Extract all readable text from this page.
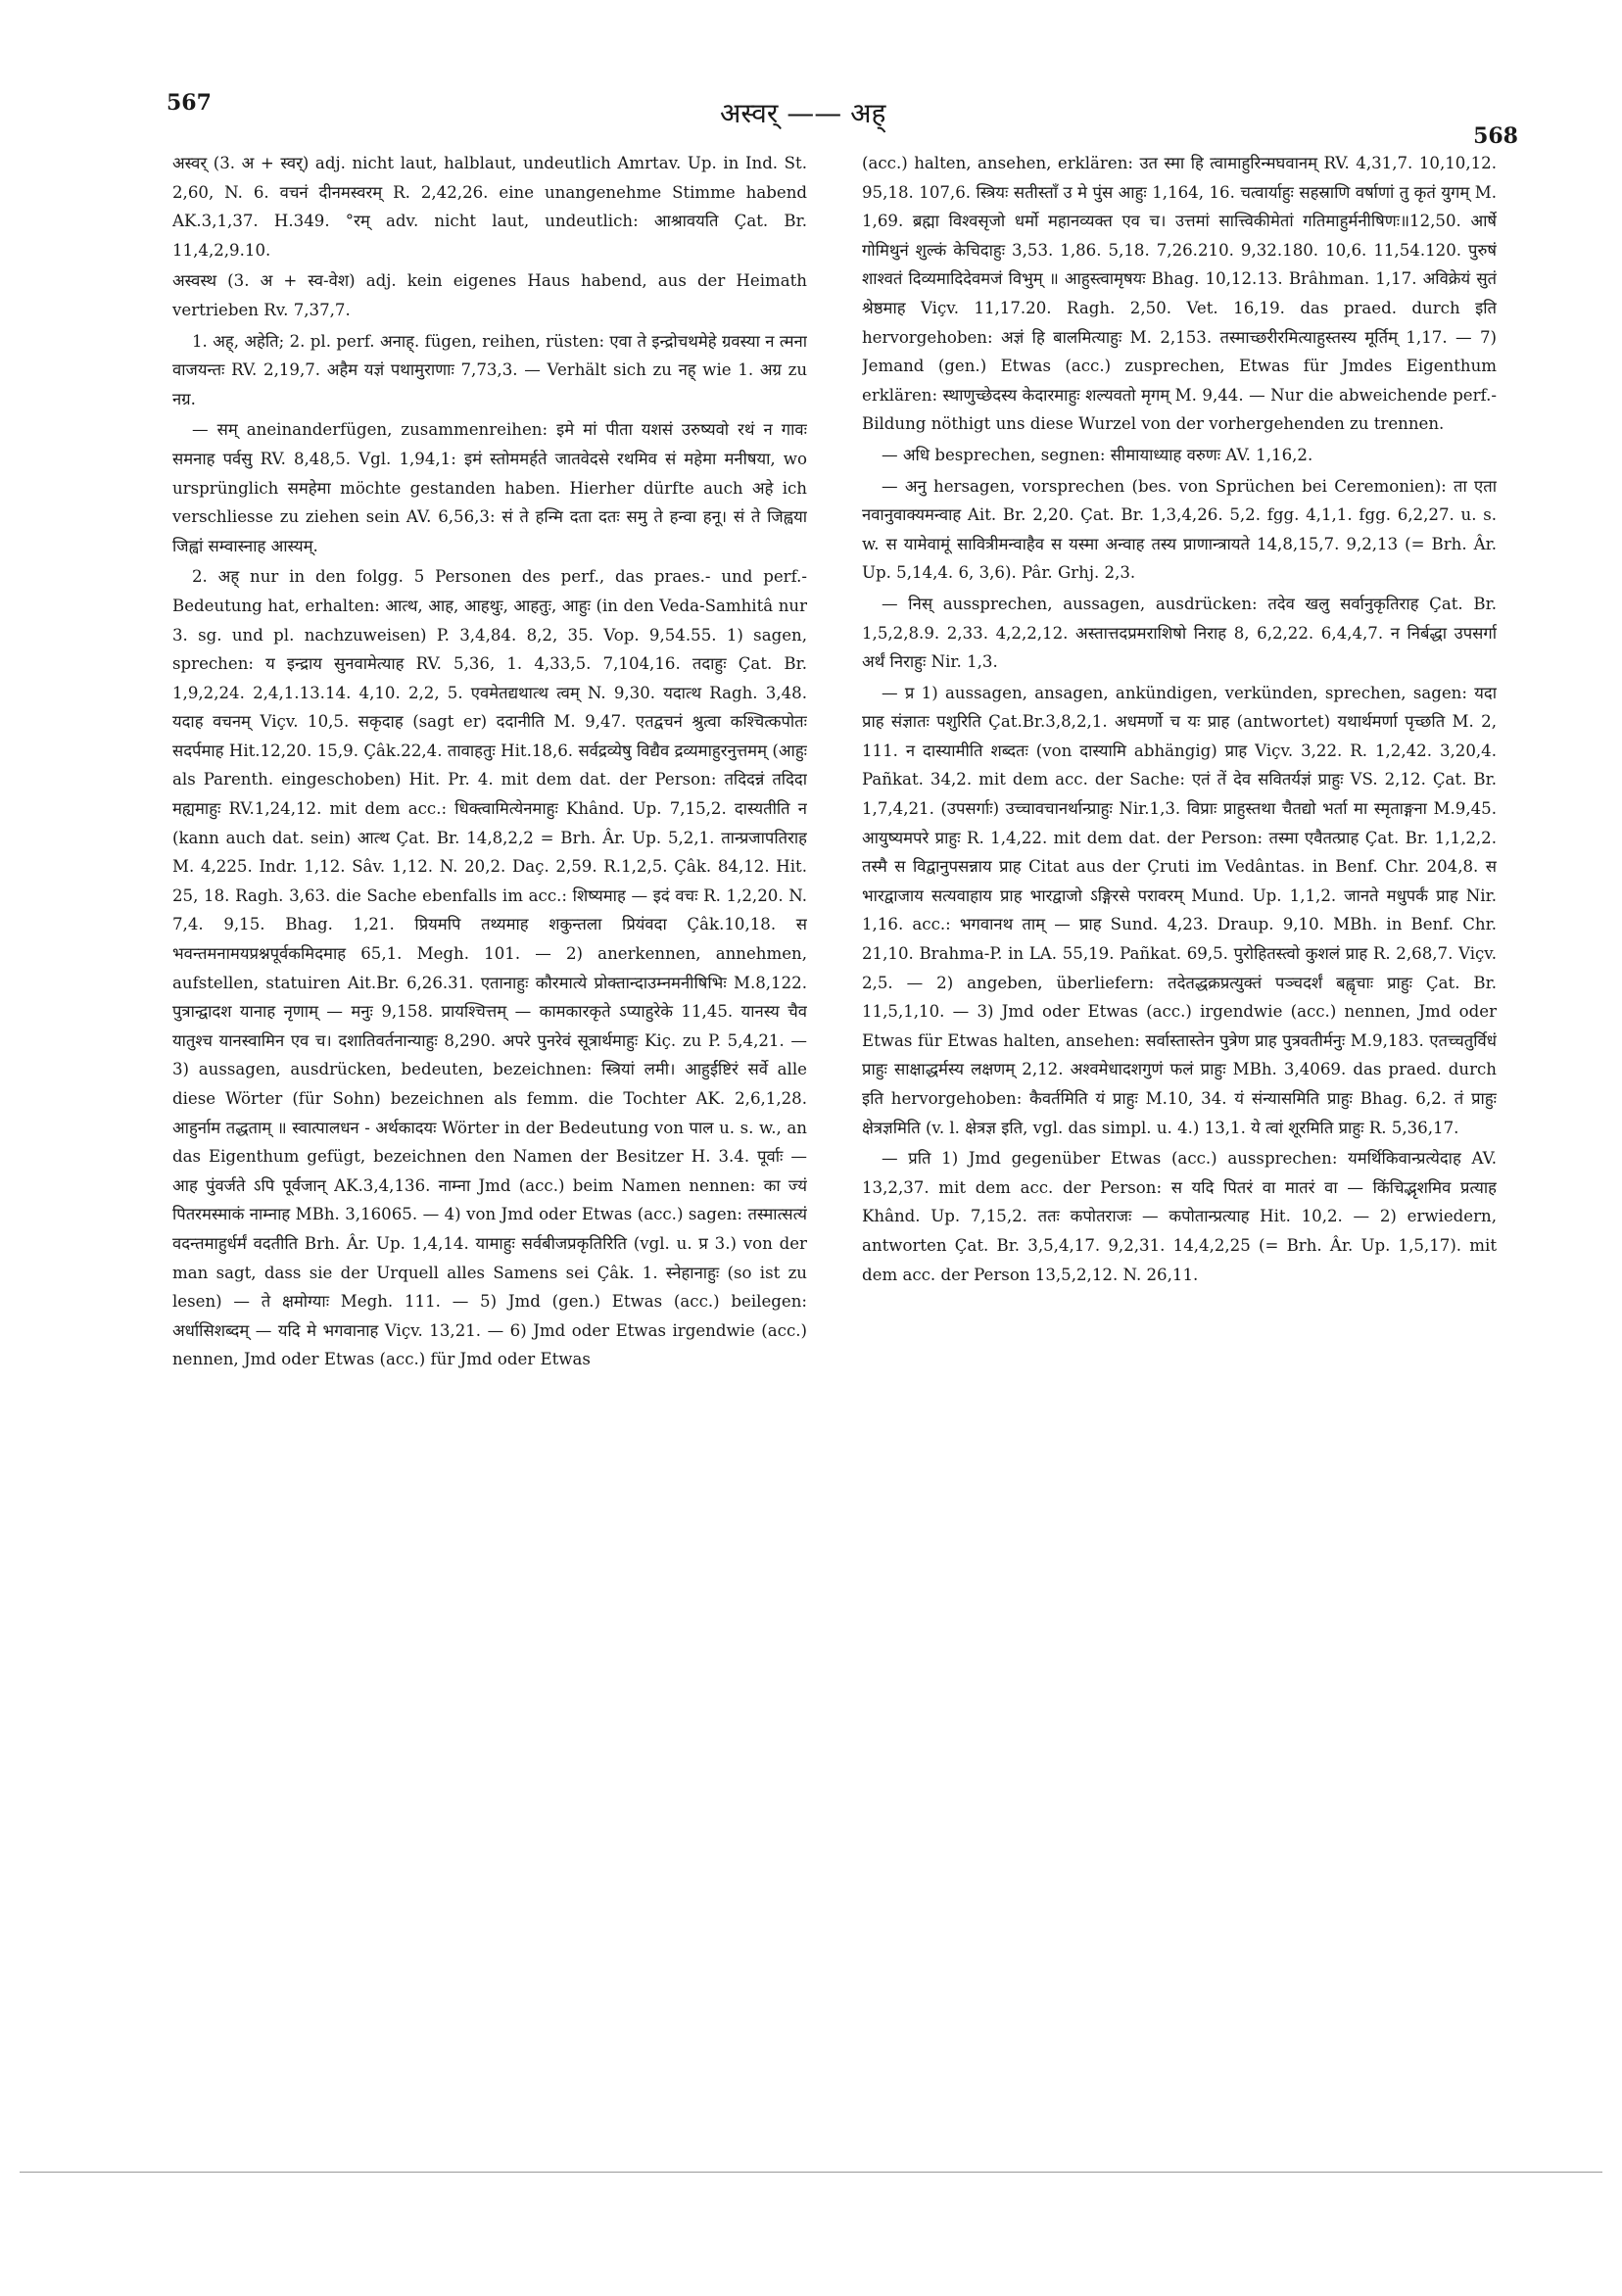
567	अस्वर् —— अह्
568

अस्वर् (3. अ + स्वर्) adj. nicht laut, halblaut, undeutlich Amrtav. Up. in Ind. St. 2,60, N. 6. वचनं दीनमस्वरम् R. 2,42,26. eine unangenehme Stimme habend AK.3,1,37. H.349. °रम् adv. nicht laut, undeutlich: आश्रावयति Çat. Br. 11,4,2,9.10.

अस्वस्थ (3. अ + स्व-वेश) adj. kein eigenes Haus habend, aus der Heimath vertrieben Rv. 7,37,7.

1. अह्, अहेति; 2. pl. perf. अनाह्. fügen, reihen, rüsten: एवा ते इन्द्रोचथमेहे ग्रवस्या न त्मना वाजयन्तः RV. 2,19,7. अहैम यज्ञं पथामुराणाः 7,73,3. — Verhält sich zu नह् wie 1. अग्र zu नग्र.

— सम् aneinanderfügen, zusammenreihen: इमे मां पीता यशसं उरुष्यवो रथं न गावः समनाह पर्वसु RV. 8,48,5. Vgl. 1,94,1: इमं स्तोममर्हते जातवेदसे रथमिव सं महेमा मनीषया, wo ursprünglich समहेमा möchte gestanden haben. Hierher dürfte auch अहे ich verschliesse zu ziehen sein AV. 6,56,3: सं ते हन्मि दता दतः समु ते हन्वा हनू। सं ते जिह्वया जिह्वां सम्वास्नाह आस्यम्.

2. अह् nur in den folgg. 5 Personen des perf., das praes.- und perf.-Bedeutung hat, erhalten: आत्थ, आह, आहथुः, आहतुः, आहुः (in den Veda-Samhitâ nur 3. sg. und pl. nachzuweisen) P. 3,4,84. 8,2, 35. Vop. 9,54.55. 1) sagen, sprechen: य इन्द्राय सुनवामेत्याह RV. 5,36, 1. 4,33,5. 7,104,16. तदाहुः Çat. Br. 1,9,2,24. 2,4,1.13.14. 4,10. 2,2, 5. एवमेतद्यथात्थ त्वम् N. 9,30. यदात्थ Ragh. 3,48. यदाह वचनम् Viçv. 10,5. सकृदाह (sagt er) ददानीति M. 9,47. एतद्वचनं श्रुत्वा कश्चित्कपोतः सदर्पमाह Hit.12,20. 15,9. Çâk.22,4. तावाहतुः Hit.18,6. सर्वद्रव्येषु विद्यैव द्रव्यमाहुरनुत्तमम् (आहुः als Parenth. eingeschoben) Hit. Pr. 4. mit dem dat. der Person: तदिदन्नं तदिदा मह्यमाहुः RV.1,24,12. mit dem acc.: धिक्त्वामित्येनमाहुः Khând. Up. 7,15,2. दास्यतीति न (kann auch dat. sein) आत्थ Çat. Br. 14,8,2,2 = Brh. Âr. Up. 5,2,1. तान्प्रजापतिराह M. 4,225. Indr. 1,12. Sâv. 1,12. N. 20,2. Daç. 2,59. R.1,2,5. Çâk. 84,12. Hit. 25, 18. Ragh. 3,63. die Sache ebenfalls im acc.: शिष्यमाह — इदं वचः R. 1,2,20. N. 7,4. 9,15. Bhag. 1,21. प्रियमपि तथ्यमाह शकुन्तला प्रियंवदा Çâk.10,18. स भवन्तमनामयप्रश्नपूर्वकमिदमाह 65,1. Megh. 101. — 2) anerkennen, annehmen, aufstellen, statuiren Ait.Br. 6,26.31. एतानाहुः कौरमात्ये प्रोक्तान्दाउम्नमनीषिभिः M.8,122. पुत्रान्द्वादश यानाह नृणाम् — मनुः 9,158. प्रायश्चित्तम् — कामकारकृते ऽप्याहुरेके 11,45. यानस्य चैव यातुश्च यानस्वामिन एव च। दशातिवर्तनान्याहुः 8,290. अपरे पुनरेवं सूत्रार्थमाहुः Kiç. zu P. 5,4,21. — 3) aussagen, ausdrücken, bedeuten, bezeichnen: स्त्रियां लमी। आहुर्ईष्टिरं सर्वे alle diese Wörter (für Sohn) bezeichnen als femm. die Tochter AK. 2,6,1,28. आहुर्नाम तद्धताम् ॥ स्वात्पालधन - अर्थकादयः Wörter in der Bedeutung von पाल u. s. w., an das Eigenthum gefügt, bezeichnen den Namen der Besitzer H. 3.4. पूर्वाः — आह पुंवर्जते ऽपि पूर्वजान् AK.3,4,136. नाम्ना Jmd (acc.) beim Namen nennen: का ज्यं पितरमस्माकं नाम्नाह MBh. 3,16065. — 4) von Jmd oder Etwas (acc.) sagen: तस्मात्सत्यं वदन्तमाहुर्धर्मं वदतीति Brh. Âr. Up. 1,4,14. यामाहुः सर्वबीजप्रकृतिरिति (vgl. u. प्र 3.) von der man sagt, dass sie der Urquell alles Samens sei Çâk. 1. स्नेहानाहुः (so ist zu lesen) — ते क्षमोग्याः Megh. 111. — 5) Jmd (gen.) Etwas (acc.) beilegen: अर्धासिशब्दम् — यदि मे भगवानाह Viçv. 13,21. — 6) Jmd oder Etwas irgendwie (acc.) nennen, Jmd oder Etwas (acc.) für Jmd oder Etwas

(acc.) halten, ansehen, erklären: उत स्मा हि त्वामाहुरिन्मघवानम् RV. 4,31,7. 10,10,12. 95,18. 107,6. स्त्रियः सतीस्ताँ उ मे पुंस आहुः 1,164, 16. चत्वार्याहुः सहस्राणि वर्षाणां तु कृतं युगम् M. 1,69. ब्रह्मा विश्वसृजो धर्मो महानव्यक्त एव च। उत्तमां सात्त्विकीमेतां गतिमाहुर्मनीषिणः॥12,50. आर्षे गोमिथुनं शुल्कं केचिदाहुः 3,53. 1,86. 5,18. 7,26.210. 9,32.180. 10,6. 11,54.120. पुरुषं शाश्वतं दिव्यमादिदेवमजं विभुम् ॥ आहुस्त्वामृषयः Bhag. 10,12.13. Brâhman. 1,17. अविक्रेयं सुतं श्रेष्ठमाह Viçv. 11,17.20. Ragh. 2,50. Vet. 16,19. das praed. durch इति hervorgehoben: अज्ञं हि बालमित्याहुः M. 2,153. तस्माच्छरीरमित्याहुस्तस्य मूर्तिम् 1,17. — 7) Jemand (gen.) Etwas (acc.) zusprechen, Etwas für Jmdes Eigenthum erklären: स्थाणुच्छेदस्य केदारमाहुः शल्यवतो मृगम् M. 9,44. — Nur die abweichende perf.-Bildung nöthigt uns diese Wurzel von der vorhergehenden zu trennen.

— अधि besprechen, segnen: सीमायाध्याह वरुणः AV. 1,16,2.

— अनु hersagen, vorsprechen (bes. von Sprüchen bei Ceremonien): ता एता नवानुवाक्यमन्वाह Ait. Br. 2,20. Çat. Br. 1,3,4,26. 5,2. fgg. 4,1,1. fgg. 6,2,27. u. s. w. स यामेवामूं सावित्रीमन्वाहैव स यस्मा अन्वाह तस्य प्राणान्त्रायते 14,8,15,7. 9,2,13 (= Brh. Âr. Up. 5,14,4. 6, 3,6). Pâr. Grhj. 2,3.

— निस् aussprechen, aussagen, ausdrücken: तदेव खलु सर्वानुकृतिराह Çat. Br. 1,5,2,8.9. 2,33. 4,2,2,12. अस्तात्तदप्रमराशिषो निराह 8, 6,2,22. 6,4,4,7. न निर्बद्धा उपसर्गा अर्थं निराहुः Nir. 1,3.

— प्र 1) aussagen, ansagen, ankündigen, verkünden, sprechen, sagen: यदा प्राह संज्ञातः पशुरिति Çat.Br.3,8,2,1. अधमर्णो च यः प्राह (antwortet) यथार्थमर्णा पृच्छति M. 2, 111. न दास्यामीति शब्दतः (von दास्यामि abhängig) प्राह Viçv. 3,22. R. 1,2,42. 3,20,4. Pañkat. 34,2. mit dem acc. der Sache: एतं तें देव सवितर्यज्ञं प्राहुः VS. 2,12. Çat. Br. 1,7,4,21. (उपसर्गाः) उच्चावचानर्थान्प्राहुः Nir.1,3. विप्राः प्राहुस्तथा चैतद्यो भर्ता मा स्मृताङ्गना M.9,45. आयुष्यमपरे प्राहुः R. 1,4,22. mit dem dat. der Person: तस्मा एवैतत्प्राह Çat. Br. 1,1,2,2. तस्मै स विद्वानुपसन्नाय प्राह Citat aus der Çruti im Vedântas. in Benf. Chr. 204,8. स भारद्वाजाय सत्यवाहाय प्राह भारद्वाजो ऽङ्गिरसे परावरम् Mund. Up. 1,1,2. जानते मधुपर्कं प्राह Nir. 1,16. acc.: भगवानथ ताम् — प्राह Sund. 4,23. Draup. 9,10. MBh. in Benf. Chr. 21,10. Brahma-P. in LA. 55,19. Pañkat. 69,5. पुरोहितस्त्वो कुशलं प्राह R. 2,68,7. Viçv. 2,5. — 2) angeben, überliefern: तदेतद्धक्रप्रत्युक्तं पञ्चदर्शं बह्वृचाः प्राहुः Çat. Br. 11,5,1,10. — 3) Jmd oder Etwas (acc.) irgendwie (acc.) nennen, Jmd oder Etwas für Etwas halten, ansehen: सर्वास्तास्तेन पुत्रेण प्राह पुत्रवतीर्मनुः M.9,183. एतच्चतुर्विधं प्राहुः साक्षाद्धर्मस्य लक्षणम् 2,12. अश्वमेधादशगुणं फलं प्राहुः MBh. 3,4069. das praed. durch इति hervorgehoben: कैवर्तमिति यं प्राहुः M.10, 34. यं संन्यासमिति प्राहुः Bhag. 6,2. तं प्राहुः क्षेत्रज्ञमिति (v. l. क्षेत्रज्ञ इति, vgl. das simpl. u. 4.) 13,1. ये त्वां शूरमिति प्राहुः R. 5,36,17.

— प्रति 1) Jmd gegenüber Etwas (acc.) aussprechen: यमर्थिकिवान्प्रत्येदाह AV. 13,2,37. mit dem acc. der Person: स यदि पितरं वा मातरं वा — किंचिद्भृशमिव प्रत्याह Khând. Up. 7,15,2. ततः कपोतराजः — कपोतान्प्रत्याह Hit. 10,2. — 2) erwiedern, antworten Çat. Br. 3,5,4,17. 9,2,31. 14,4,2,25 (= Brh. Âr. Up. 1,5,17). mit dem acc. der Person 13,5,2,12. N. 26,11.
